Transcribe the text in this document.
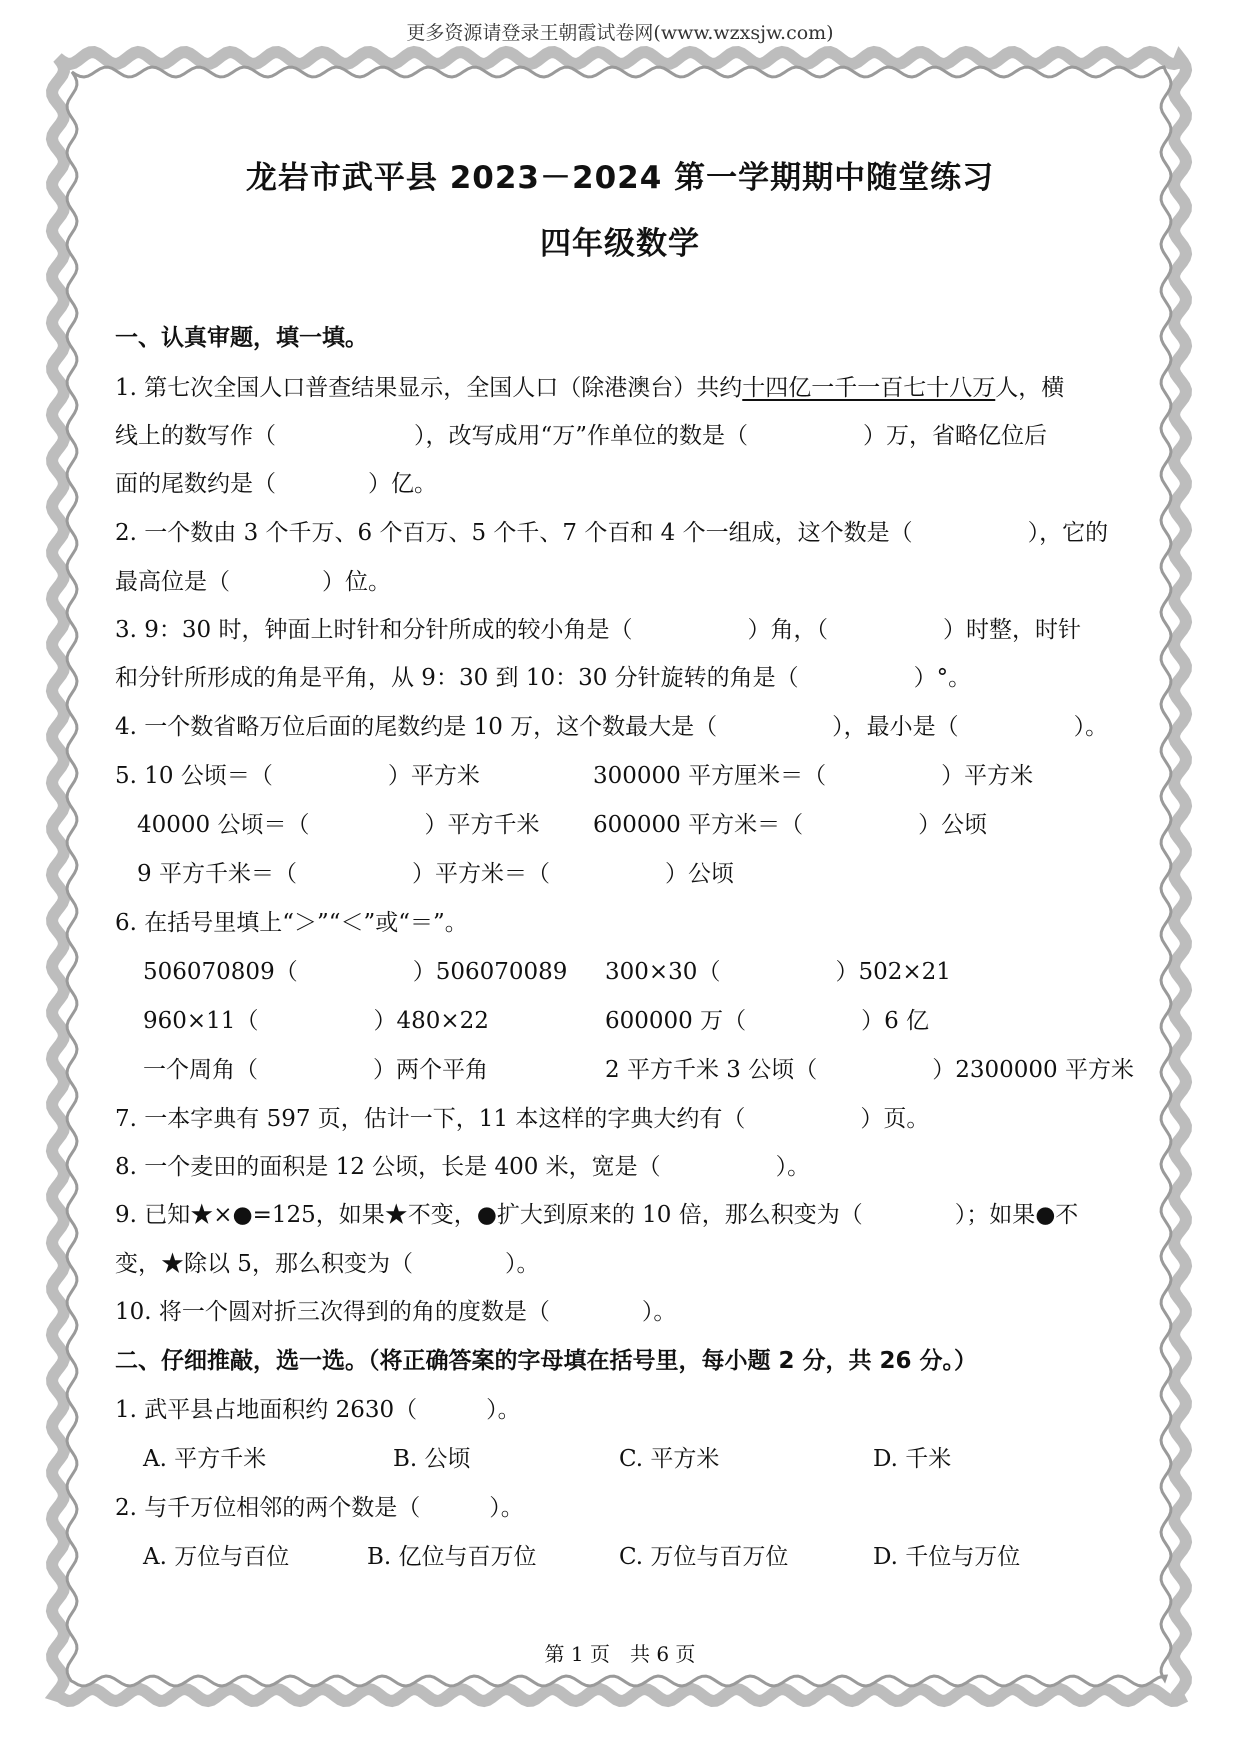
更多资源请登录王朝霞试卷网(www.wzxsjw.com)
龙岩市武平县 2023－2024 第一学期期中随堂练习
四年级数学
一、认真审题，填一填。
1. 第七次全国人口普查结果显示，全国人口（除港澳台）共约十四亿一千一百七十八万人，横
线上的数写作（　　　　　　），改写成用“万”作单位的数是（　　　　　）万，省略亿位后
面的尾数约是（　　　　）亿。
2. 一个数由 3 个千万、6 个百万、5 个千、7 个百和 4 个一组成，这个数是（　　　　　），它的
最高位是（　　　　）位。
3. 9：30 时，钟面上时针和分针所成的较小角是（　　　　　）角，（　　　　　）时整，时针
和分针所形成的角是平角，从 9：30 到 10：30 分针旋转的角是（　　　　　）°。
4. 一个数省略万位后面的尾数约是 10 万，这个数最大是（　　　　　），最小是（　　　　　）。
5. 10 公顷＝（　　　　　）平方米	300000 平方厘米＝（　　　　　）平方米
40000 公顷＝（　　　　　）平方千米 600000 平方米＝（　　　　　）公顷
9 平方千米＝（　　　　　）平方米＝（　　　　　）公顷
6. 在括号里填上“＞”“＜”或“＝”。
506070809（　　　　　）506070089 300×30（　　　　　）502×21
960×11（　　　　　）480×22	600000 万（　　　　　）6 亿
一个周角（　　　　　）两个平角	2 平方千米 3 公顷（　　　　　）2300000 平方米
7. 一本字典有 597 页，估计一下，11 本这样的字典大约有（　　　　　）页。
8. 一个麦田的面积是 12 公顷，长是 400 米，宽是（　　　　　）。
9. 已知★×●=125，如果★不变，●扩大到原来的 10 倍，那么积变为（　　　　）；如果●不
变，★除以 5，那么积变为（　　　　）。
10. 将一个圆对折三次得到的角的度数是（　　　　）。
二、仔细推敲，选一选。（将正确答案的字母填在括号里，每小题 2 分，共 26 分。）
1. 武平县占地面积约 2630（　　　）。
A. 平方千米	B. 公顷	C. 平方米	D. 千米
2. 与千万位相邻的两个数是（　　　）。
A. 万位与百位	B. 亿位与百万位	C. 万位与百万位	D. 千位与万位
第 1 页　共 6 页
